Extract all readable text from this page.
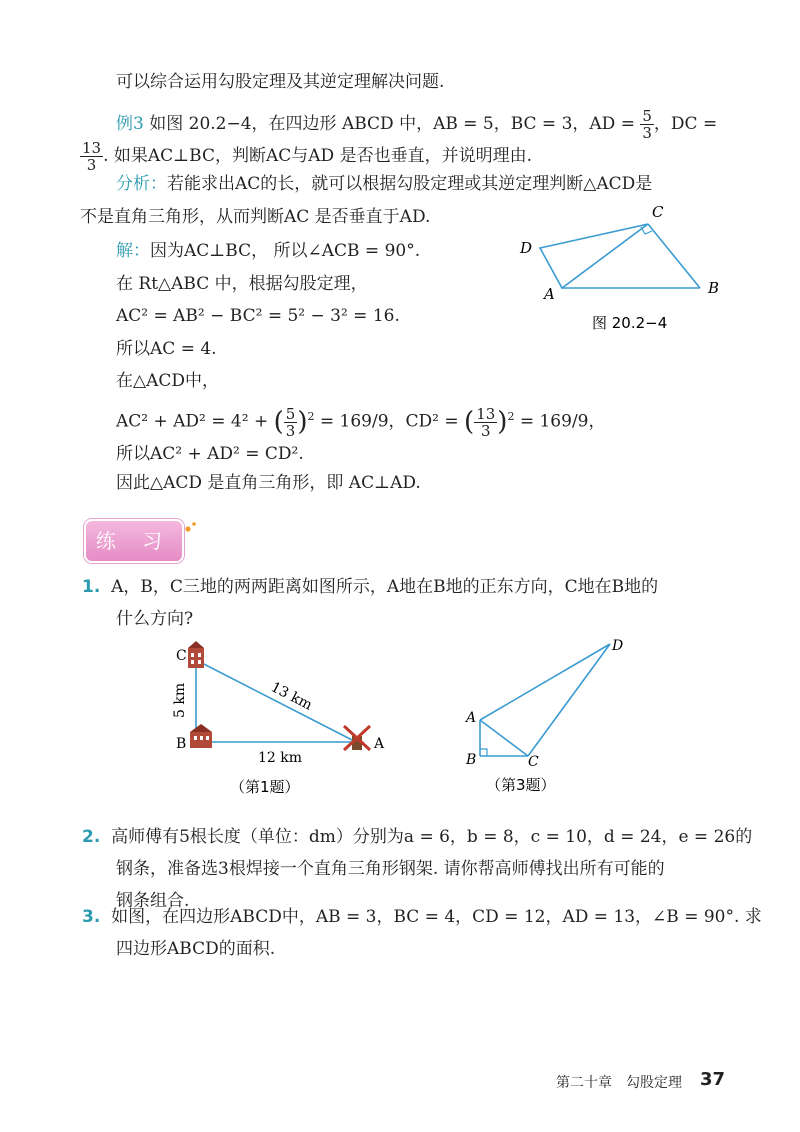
可以综合运用勾股定理及其逆定理解决问题.
例3 如图 20.2−4，在四边形 ABCD 中，AB = 5，BC = 3，AD = $\frac{5}{3}$ ，DC =
$\frac{13}{3}$ . 如果AC⊥BC，判断AC与AD 是否也垂直，并说明理由.
分析：若能求出AC的长，就可以根据勾股定理或其逆定理判断△ACD是
不是直角三角形，从而判断AC 是否垂直于AD.
解：因为AC⊥BC， 所以∠ACB = 90°.
在 Rt△ABC 中，根据勾股定理，
AC² = AB² − BC² = 5² − 3² = 16.
所以AC = 4.
在△ACD中，
AC² + AD² = 4² + ( $\frac{5}{3} )^2 = 169/9$，CD² = ( $\frac{13}{3} )^2 = 169/9$，
所以AC² + AD² = CD².
因此△ACD 是直角三角形，即 AC⊥AD.
D
A
C
B
图 20.2−4
练 习
1. A，B，C三地的两两距离如图所示，A地在B地的正东方向，C地在B地的
什么方向?
C
B	A
5 km	13 km
12 km
（第1题）
A
B	C
D
（第3题）
2. 高师傅有5根长度（单位：dm）分别为a = 6，b = 8，c = 10，d = 24，e = 26的
钢条，准备选3根焊接一个直角三角形钢架. 请你帮高师傅找出所有可能的
钢条组合.
3. 如图，在四边形ABCD中，AB = 3，BC = 4，CD = 12，AD = 13，∠B = 90°. 求
四边形ABCD的面积.
第二十章　勾股定理 37
